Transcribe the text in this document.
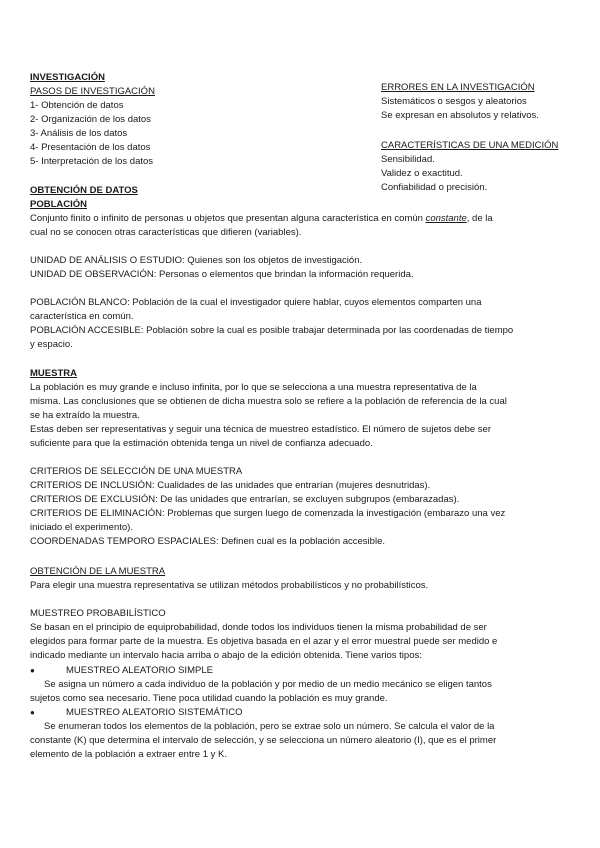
INVESTIGACIÓN
PASOS DE INVESTIGACIÓN
1- Obtención de datos
2- Organización de los datos
3- Análisis de los datos
4- Presentación de los datos
5- Interpretación de los datos
ERRORES EN LA INVESTIGACIÓN
Sistemáticos o sesgos y aleatorios
Se expresan en absolutos y relativos.
CARACTERÍSTICAS DE UNA MEDICIÓN
Sensibilidad.
Validez o exactitud.
Confiabilidad o precisión.
OBTENCIÓN DE DATOS
POBLACIÓN
Conjunto finito o infinito de personas u objetos que presentan alguna característica en común constante, de la
cual no se conocen otras características que difieren (variables).
UNIDAD DE ANÁLISIS O ESTUDIO: Quienes son los objetos de investigación.
UNIDAD DE OBSERVACIÓN: Personas o elementos que brindan la información requerida.
POBLACIÓN BLANCO: Población de la cual el investigador quiere hablar, cuyos elementos comparten una
característica en común.
POBLACIÓN ACCESIBLE: Población sobre la cual es posible trabajar determinada por las coordenadas de tiempo
y espacio.
MUESTRA
La población es muy grande e incluso infinita, por lo que se selecciona a una muestra representativa de la
misma. Las conclusiones que se obtienen de dicha muestra solo se refiere a la población de referencia de la cual
se ha extraído la muestra.
Estas deben ser representativas y seguir una técnica de muestreo estadístico. El número de sujetos debe ser
suficiente para que la estimación obtenida tenga un nivel de confianza adecuado.
CRITERIOS DE SELECCIÓN DE UNA MUESTRA
CRITERIOS DE INCLUSIÓN: Cualidades de las unidades que entrarían (mujeres desnutridas).
CRITERIOS DE EXCLUSIÓN: De las unidades que entrarían, se excluyen subgrupos (embarazadas).
CRITERIOS DE ELIMINACIÓN: Problemas que surgen luego de comenzada la investigación (embarazo una vez
iniciado el experimento).
COORDENADAS TEMPORO ESPACIALES: Definen cual es la población accesible.
OBTENCIÓN DE LA MUESTRA
Para elegir una muestra representativa se utilizan métodos probabilísticos y no probabilísticos.
MUESTREO PROBABILÍSTICO
Se basan en el principio de equiprobabilidad, donde todos los individuos tienen la misma probabilidad de ser
elegidos para formar parte de la muestra. Es objetiva basada en el azar y el error muestral puede ser medido e
indicado mediante un intervalo hacia arriba o abajo de la edición obtenida. Tiene varios tipos:
●	MUESTREO ALEATORIO SIMPLE
Se asigna un número a cada individuo de la población y por medio de un medio mecánico se eligen tantos
sujetos como sea necesario. Tiene poca utilidad cuando la población es muy grande.
●	MUESTREO ALEATORIO SISTEMÁTICO
Se enumeran todos los elementos de la población, pero se extrae solo un número. Se calcula el valor de la
constante (K) que determina el intervalo de selección, y se selecciona un número aleatorio (I), que es el primer
elemento de la población a extraer entre 1 y K.
